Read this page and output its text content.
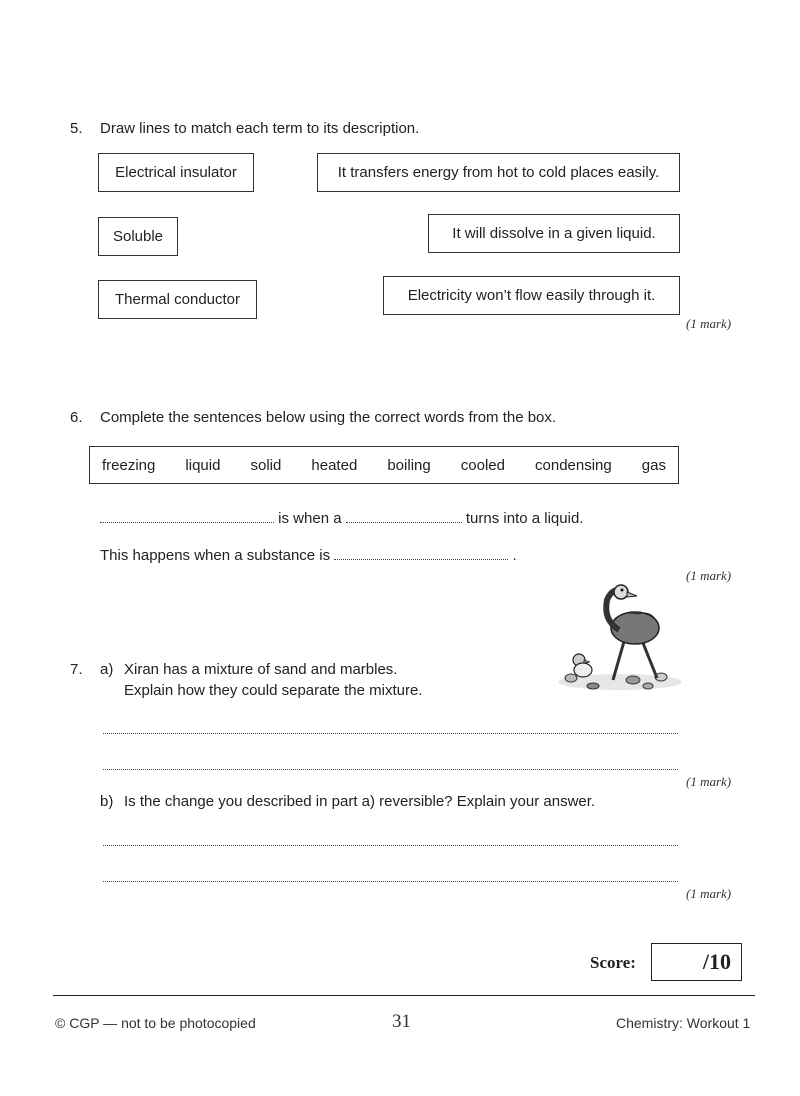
5. Draw lines to match each term to its description.
Electrical insulator
Soluble
Thermal conductor
It transfers energy from hot to cold places easily.
It will dissolve in a given liquid.
Electricity won’t flow easily through it.
(1 mark)
6. Complete the sentences below using the correct words from the box.
freezing liquid solid heated boiling cooled condensing gas
is when a	turns into a liquid.
This happens when a substance is	.
(1 mark)
7. a) Xiran has a mixture of sand and marbles.
Explain how they could separate the mixture.
(1 mark)
b) Is the change you described in part a) reversible? Explain your answer.
(1 mark)
Score:	/10
© CGP — not to be photocopied	31	Chemistry: Workout 1
